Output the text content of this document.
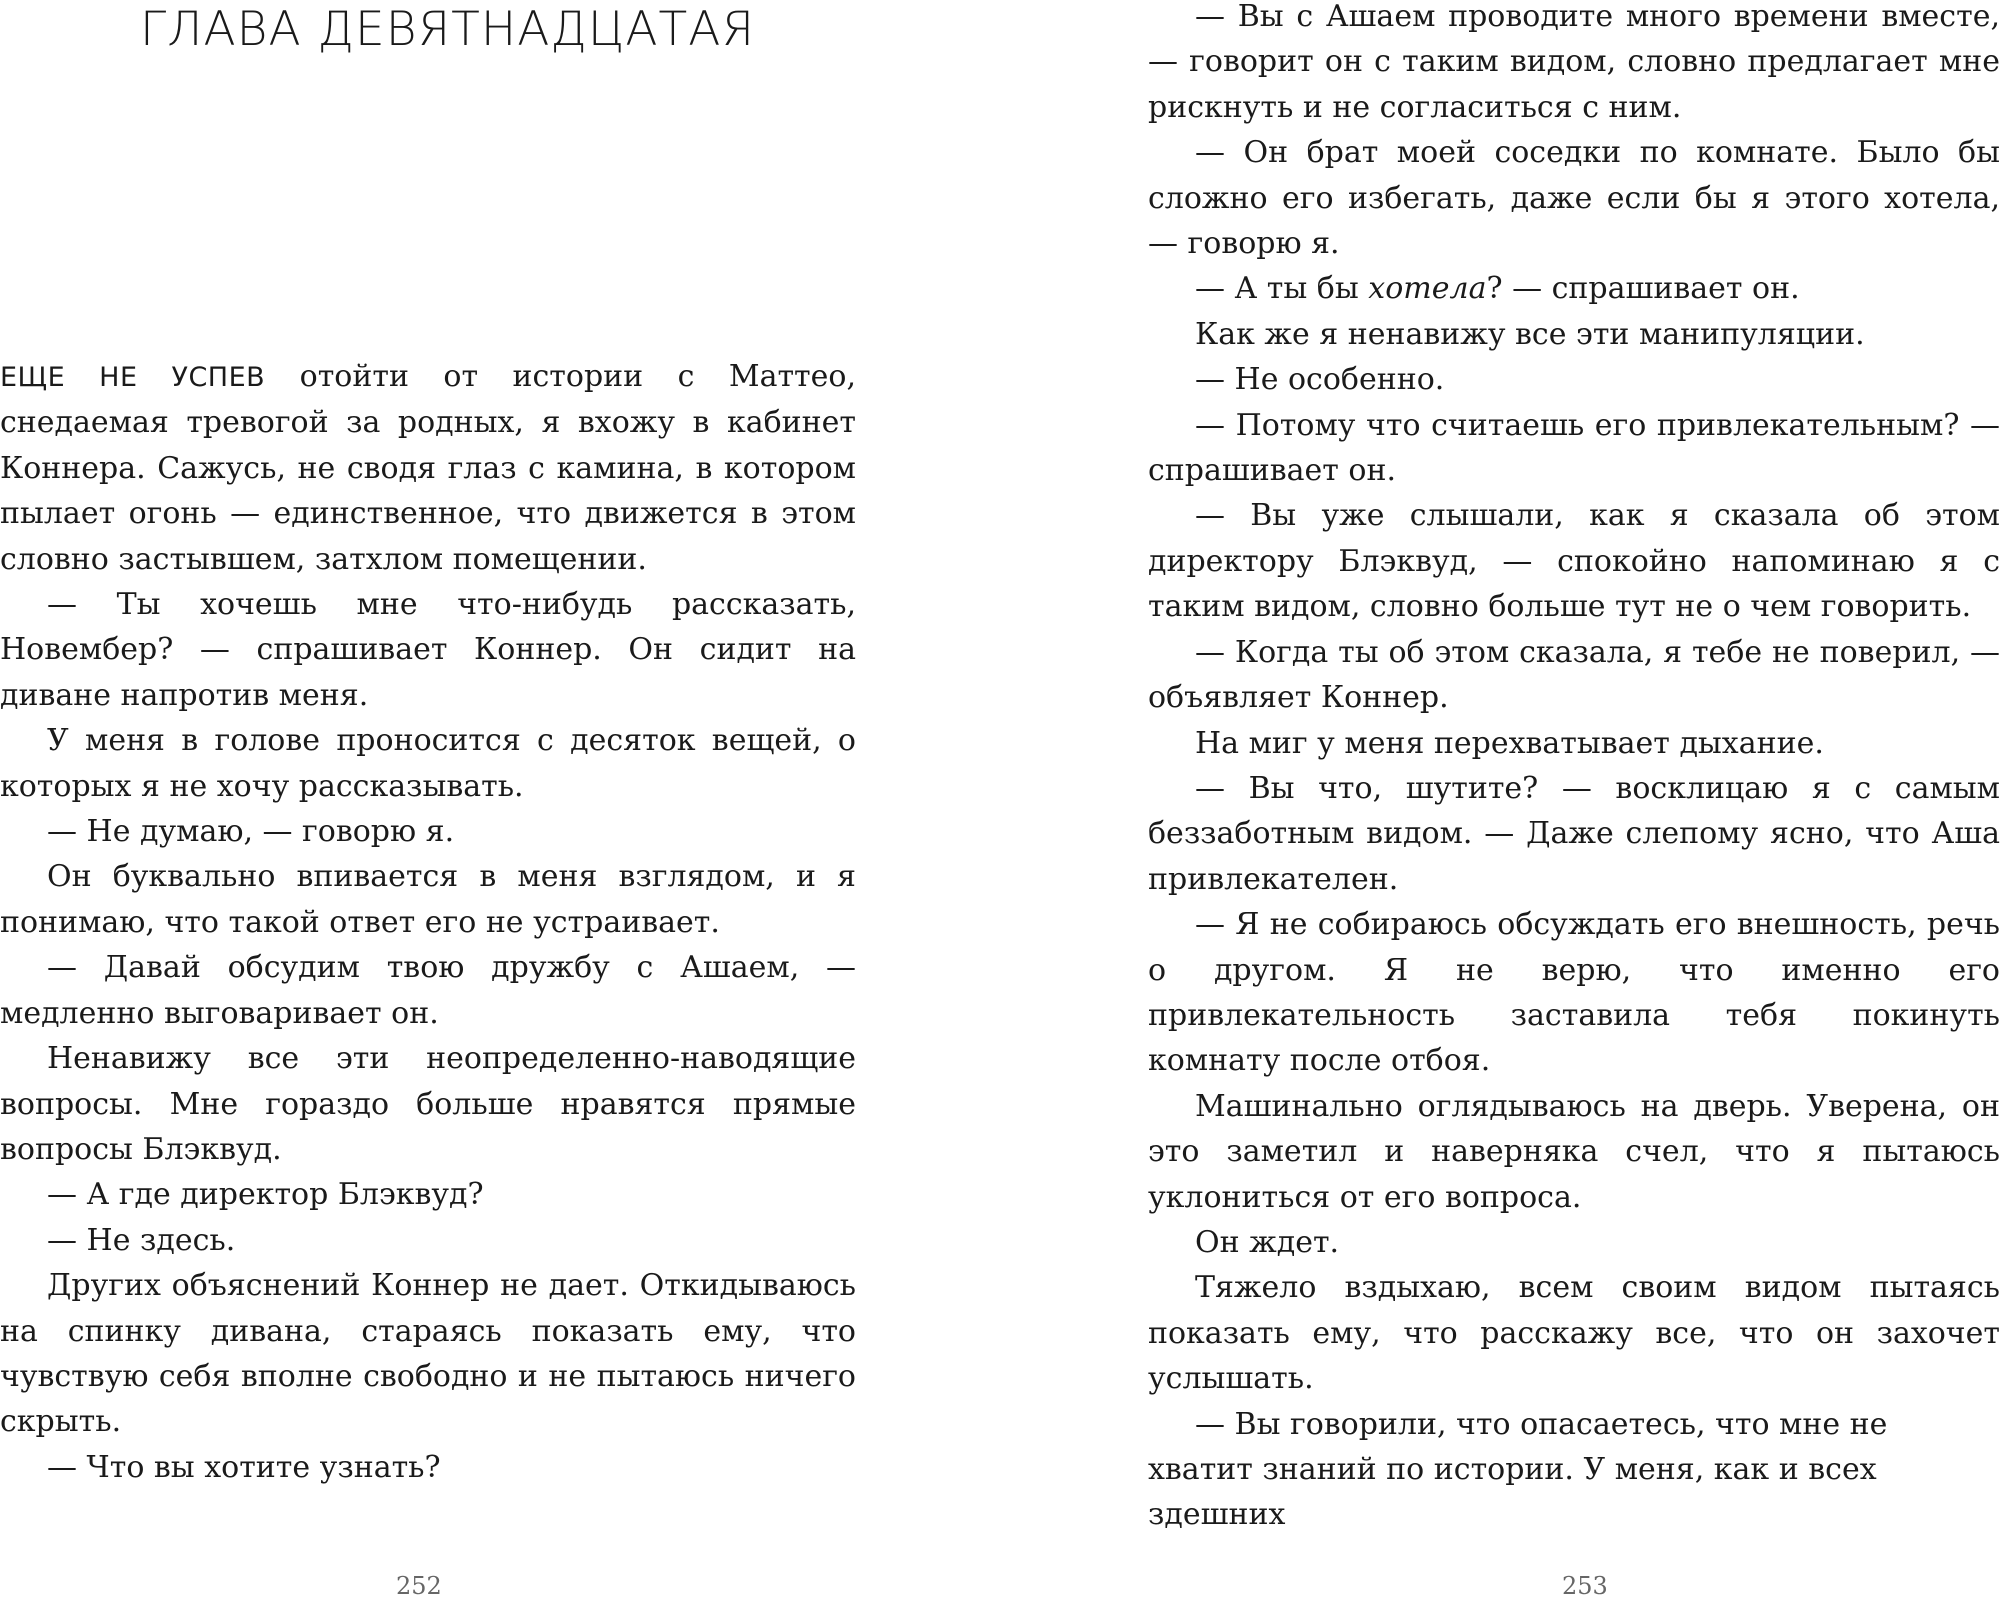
ГЛАВА ДЕВЯТНАДЦАТАЯ

ЕЩЕ НЕ УСПЕВ отойти от истории с Маттео, снедаемая тревогой за родных, я вхожу в кабинет Коннера. Сажусь, не сводя глаз с камина, в котором пылает огонь — единственное, что движется в этом словно застывшем, затхлом помещении.

— Ты хочешь мне что-нибудь рассказать, Новембер? — спрашивает Коннер. Он сидит на диване напротив меня.

У меня в голове проносится с десяток вещей, о которых я не хочу рассказывать.

— Не думаю, — говорю я.

Он буквально впивается в меня взглядом, и я понимаю, что такой ответ его не устраивает.

— Давай обсудим твою дружбу с Ашаем, — медленно выговаривает он.

Ненавижу все эти неопределенно-наводящие вопросы. Мне гораздо больше нравятся прямые вопросы Блэквуд.

— А где директор Блэквуд?

— Не здесь.

Других объяснений Коннер не дает. Откидываюсь на спинку дивана, стараясь показать ему, что чувствую себя вполне свободно и не пытаюсь ничего скрыть.

— Что вы хотите узнать?

252

— Вы с Ашаем проводите много времени вместе, — говорит он с таким видом, словно предлагает мне рискнуть и не согласиться с ним.

— Он брат моей соседки по комнате. Было бы сложно его избегать, даже если бы я этого хотела, — говорю я.

— А ты бы хотела? — спрашивает он.

Как же я ненавижу все эти манипуляции.

— Не особенно.

— Потому что считаешь его привлекательным? — спрашивает он.

— Вы уже слышали, как я сказала об этом директору Блэквуд, — спокойно напоминаю я с таким видом, словно больше тут не о чем говорить.

— Когда ты об этом сказала, я тебе не поверил, — объявляет Коннер.

На миг у меня перехватывает дыхание.

— Вы что, шутите? — восклицаю я с самым беззаботным видом. — Даже слепому ясно, что Аша привлекателен.

— Я не собираюсь обсуждать его внешность, речь о другом. Я не верю, что именно его привлекательность заставила тебя покинуть комнату после отбоя.

Машинально оглядываюсь на дверь. Уверена, он это заметил и наверняка счел, что я пытаюсь уклониться от его вопроса.

Он ждет.

Тяжело вздыхаю, всем своим видом пытаясь показать ему, что расскажу все, что он захочет услышать.

— Вы говорили, что опасаетесь, что мне не хватит знаний по истории. У меня, как и всех здешних

253
